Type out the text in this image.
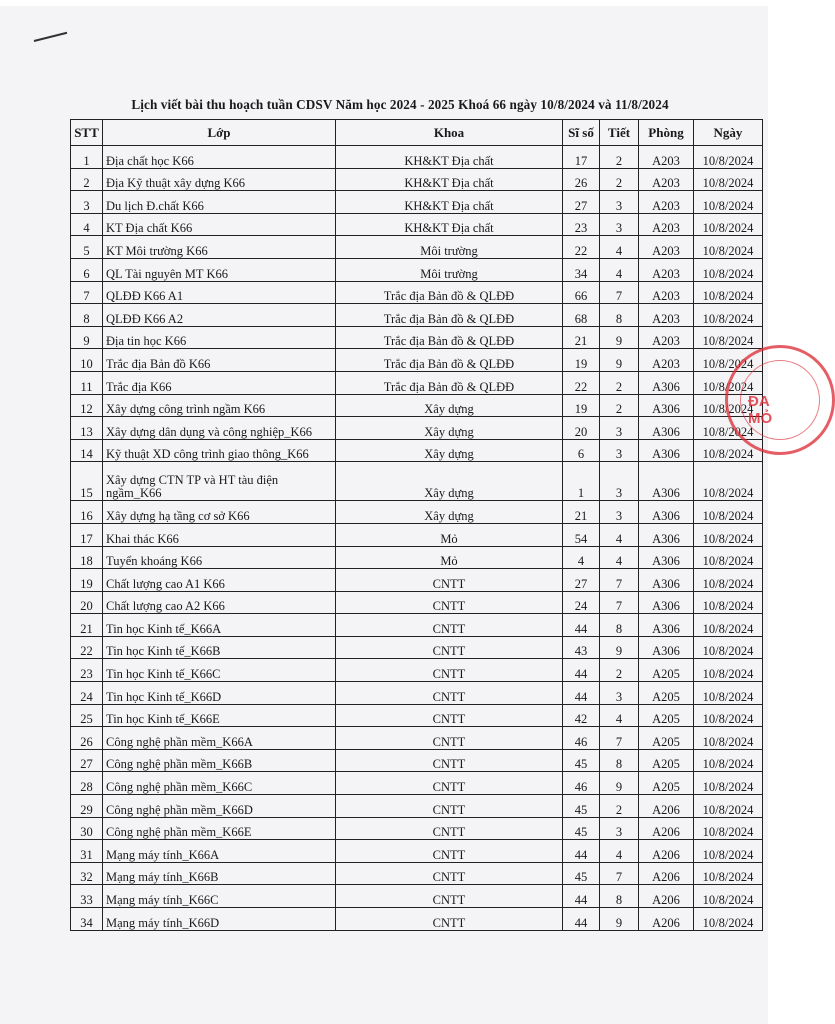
Lịch viết bài thu hoạch tuần CDSV Năm học 2024 - 2025 Khoá 66 ngày 10/8/2024 và 11/8/2024
STT	Lớp	Khoa	Sĩ số	Tiết	Phòng	Ngày
1	Địa chất học K66	KH&KT Địa chất	17	2	A203	10/8/2024
2	Địa Kỹ thuật xây dựng K66	KH&KT Địa chất	26	2	A203	10/8/2024
3	Du lịch Đ.chất K66	KH&KT Địa chất	27	3	A203	10/8/2024
4	KT Địa chất K66	KH&KT Địa chất	23	3	A203	10/8/2024
5	KT Môi trường K66	Môi trường	22	4	A203	10/8/2024
6	QL Tài nguyên MT K66	Môi trường	34	4	A203	10/8/2024
7	QLĐĐ K66 A1	Trắc địa Bản đồ & QLĐĐ	66	7	A203	10/8/2024
8	QLĐĐ K66 A2	Trắc địa Bản đồ & QLĐĐ	68	8	A203	10/8/2024
9	Địa tin học K66	Trắc địa Bản đồ & QLĐĐ	21	9	A203	10/8/2024
10	Trắc địa Bản đồ K66	Trắc địa Bản đồ & QLĐĐ	19	9	A203	10/8/2024
11	Trắc địa K66	Trắc địa Bản đồ & QLĐĐ	22	2	A306	10/8/2024
12	Xây dựng công trình ngầm K66	Xây dựng	19	2	A306	10/8/2024
13	Xây dựng dân dụng và công nghiệp_K66	Xây dựng	20	3	A306	10/8/2024
14	Kỹ thuật XD công trình giao thông_K66	Xây dựng	6	3	A306	10/8/2024
15	Xây dựng CTN TP và HT tàu điện ngầm_K66	Xây dựng	1	3	A306	10/8/2024
16	Xây dựng hạ tầng cơ sở K66	Xây dựng	21	3	A306	10/8/2024
17	Khai thác K66	Mỏ	54	4	A306	10/8/2024
18	Tuyển khoáng K66	Mỏ	4	4	A306	10/8/2024
19	Chất lượng cao A1 K66	CNTT	27	7	A306	10/8/2024
20	Chất lượng cao A2 K66	CNTT	24	7	A306	10/8/2024
21	Tin học Kinh tế_K66A	CNTT	44	8	A306	10/8/2024
22	Tin học Kinh tế_K66B	CNTT	43	9	A306	10/8/2024
23	Tin học Kinh tế_K66C	CNTT	44	2	A205	10/8/2024
24	Tin học Kinh tế_K66D	CNTT	44	3	A205	10/8/2024
25	Tin học Kinh tế_K66E	CNTT	42	4	A205	10/8/2024
26	Công nghệ phần mềm_K66A	CNTT	46	7	A205	10/8/2024
27	Công nghệ phần mềm_K66B	CNTT	45	8	A205	10/8/2024
28	Công nghệ phần mềm_K66C	CNTT	46	9	A205	10/8/2024
29	Công nghệ phần mềm_K66D	CNTT	45	2	A206	10/8/2024
30	Công nghệ phần mềm_K66E	CNTT	45	3	A206	10/8/2024
31	Mạng máy tính_K66A	CNTT	44	4	A206	10/8/2024
32	Mạng máy tính_K66B	CNTT	45	7	A206	10/8/2024
33	Mạng máy tính_K66C	CNTT	44	8	A206	10/8/2024
34	Mạng máy tính_K66D	CNTT	44	9	A206	10/8/2024
ĐA
MỎ
